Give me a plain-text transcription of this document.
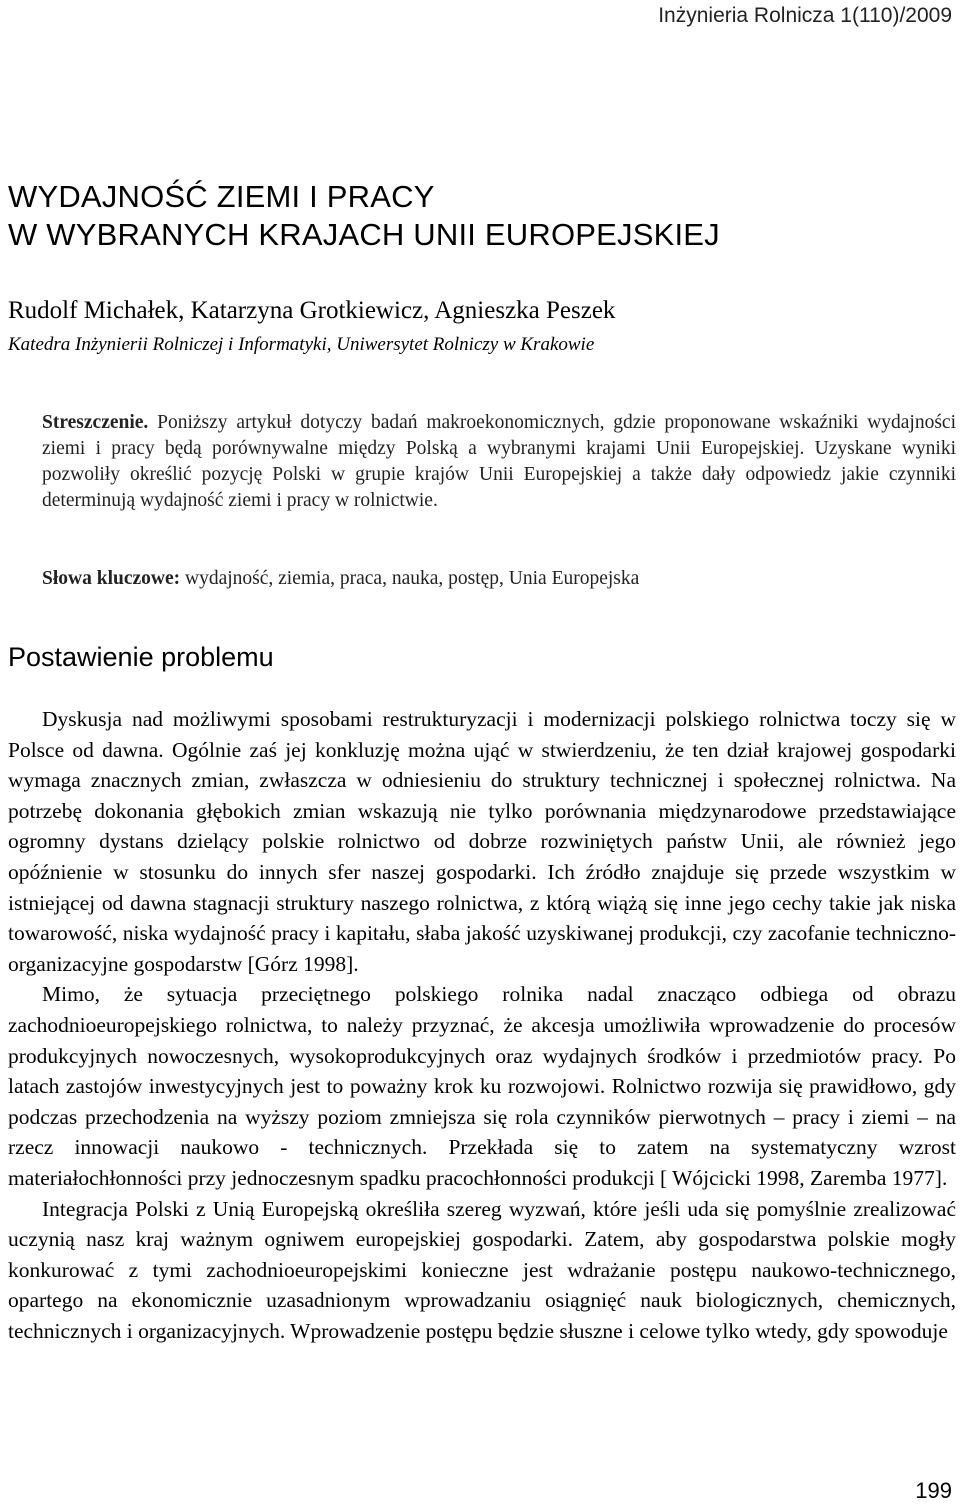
Inżynieria Rolnicza 1(110)/2009
WYDAJNOŚĆ ZIEMI I PRACY
W WYBRANYCH KRAJACH UNII EUROPEJSKIEJ
Rudolf Michałek, Katarzyna Grotkiewicz, Agnieszka Peszek
Katedra Inżynierii Rolniczej i Informatyki, Uniwersytet Rolniczy w Krakowie
Streszczenie. Poniższy artykuł dotyczy badań makroekonomicznych, gdzie proponowane wskaźniki wydajności ziemi i pracy będą porównywalne między Polską a wybranymi krajami Unii Europejskiej. Uzyskane wyniki pozwoliły określić pozycję Polski w grupie krajów Unii Europejskiej a także dały odpowiedz jakie czynniki determinują wydajność ziemi i pracy w rolnictwie.
Słowa kluczowe: wydajność, ziemia, praca, nauka, postęp, Unia Europejska
Postawienie problemu

Dyskusja nad możliwymi sposobami restrukturyzacji i modernizacji polskiego rolnictwa toczy się w Polsce od dawna. Ogólnie zaś jej konkluzję można ująć w stwierdzeniu, że ten dział krajowej gospodarki wymaga znacznych zmian, zwłaszcza w odniesieniu do struktury technicznej i społecznej rolnictwa. Na potrzebę dokonania głębokich zmian wskazują nie tylko porównania międzynarodowe przedstawiające ogromny dystans dzielący polskie rolnictwo od dobrze rozwiniętych państw Unii, ale również jego opóźnienie w stosunku do innych sfer naszej gospodarki. Ich źródło znajduje się przede wszystkim w istniejącej od dawna stagnacji struktury naszego rolnictwa, z którą wiążą się inne jego cechy takie jak niska towarowość, niska wydajność pracy i kapitału, słaba jakość uzyskiwanej produkcji, czy zacofanie techniczno-organizacyjne gospodarstw [Górz 1998].

Mimo, że sytuacja przeciętnego polskiego rolnika nadal znacząco odbiega od obrazu zachodnioeuropejskiego rolnictwa, to należy przyznać, że akcesja umożliwiła wprowadzenie do procesów produkcyjnych nowoczesnych, wysokoprodukcyjnych oraz wydajnych środków i przedmiotów pracy. Po latach zastojów inwestycyjnych jest to poważny krok ku rozwojowi. Rolnictwo rozwija się prawidłowo, gdy podczas przechodzenia na wyższy poziom zmniejsza się rola czynników pierwotnych – pracy i ziemi – na rzecz innowacji naukowo - technicznych. Przekłada się to zatem na systematyczny wzrost materiałochłonności przy jednoczesnym spadku pracochłonności produkcji [ Wójcicki 1998, Zaremba 1977].

Integracja Polski z Unią Europejską określiła szereg wyzwań, które jeśli uda się pomyślnie zrealizować uczynią nasz kraj ważnym ogniwem europejskiej gospodarki. Zatem, aby gospodarstwa polskie mogły konkurować z tymi zachodnioeuropejskimi konieczne jest wdrażanie postępu naukowo-technicznego, opartego na ekonomicznie uzasadnionym wprowadzaniu osiągnięć nauk biologicznych, chemicznych, technicznych i organizacyjnych. Wprowadzenie postępu będzie słuszne i celowe tylko wtedy, gdy spowoduje

199
